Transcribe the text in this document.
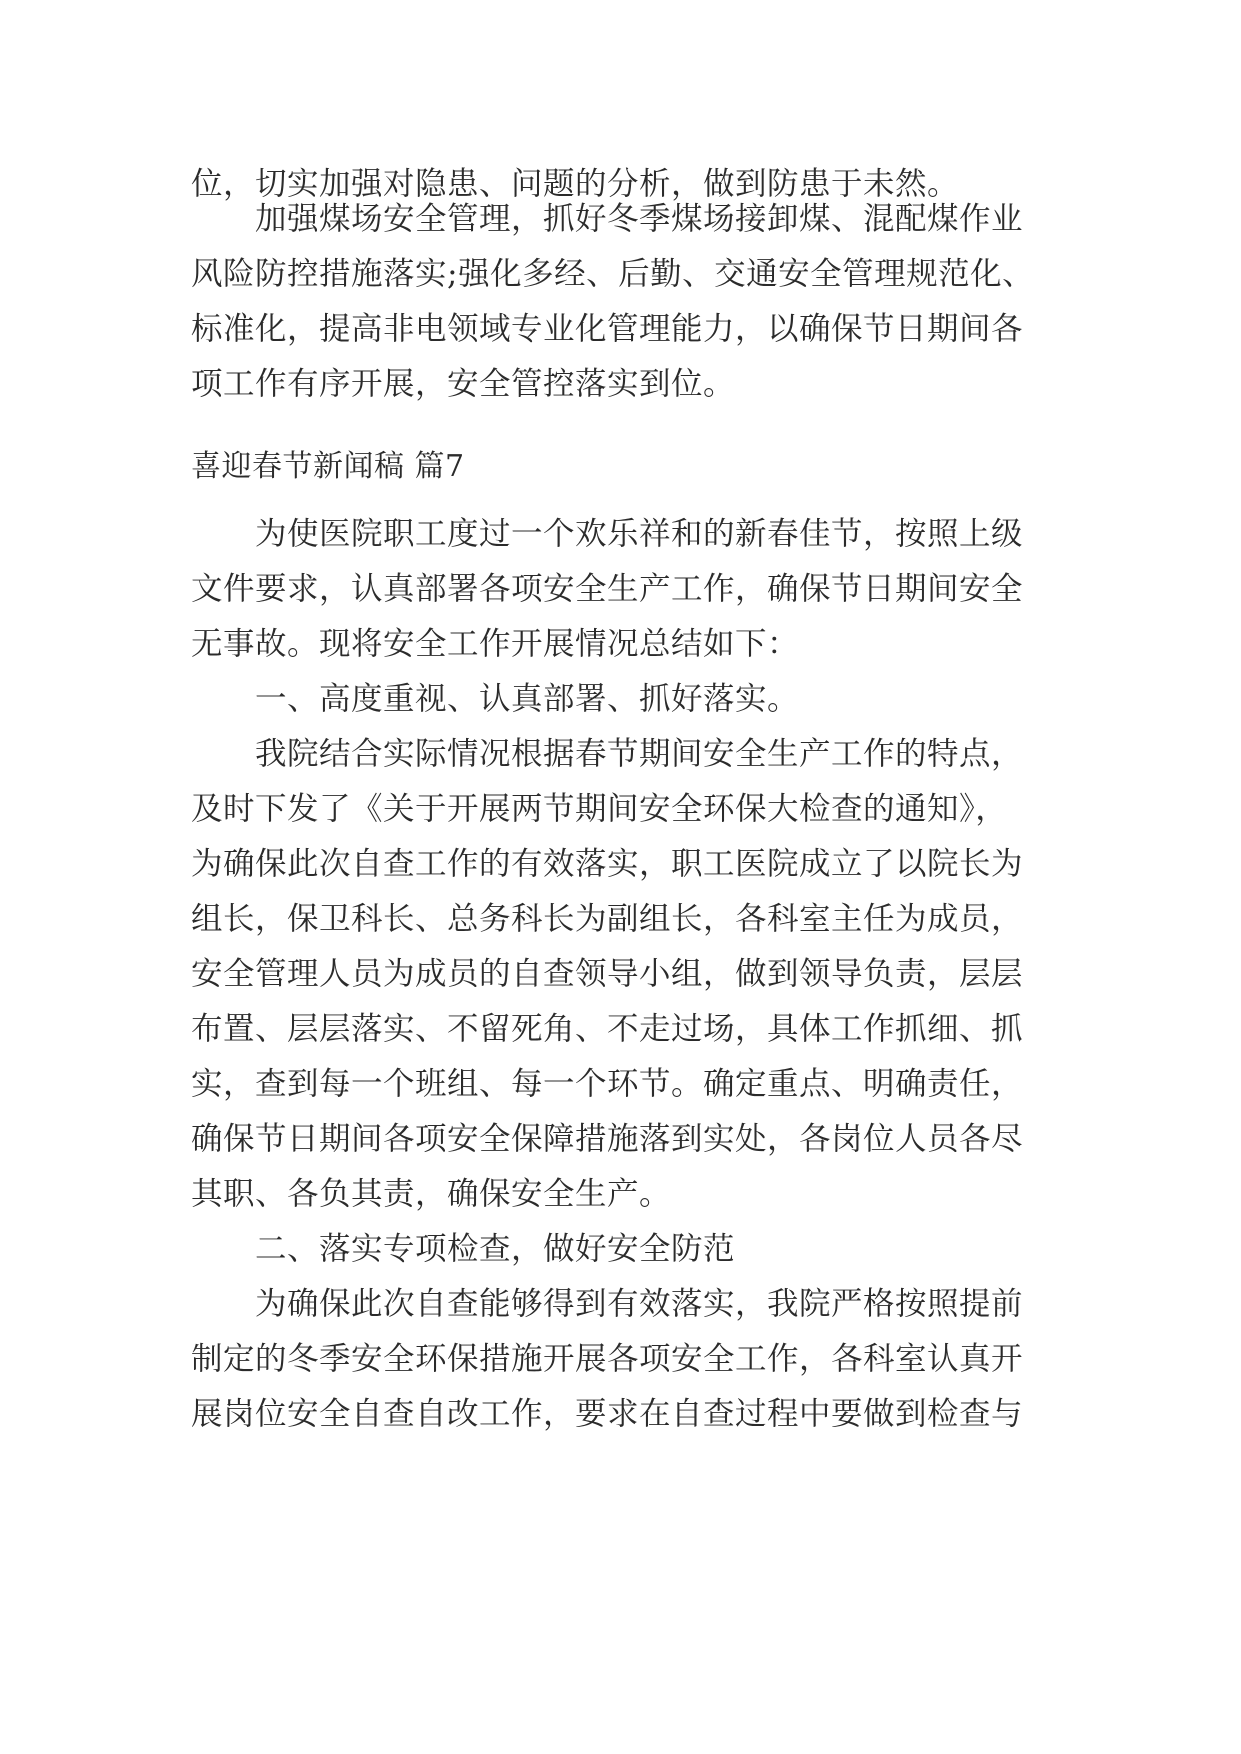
位，切实加强对隐患、问题的分析，做到防患于未然。
加强煤场安全管理，抓好冬季煤场接卸煤、混配煤作业
风险防控措施落实;强化多经、后勤、交通安全管理规范化、
标准化，提高非电领域专业化管理能力，以确保节日期间各
项工作有序开展，安全管控落实到位。
喜迎春节新闻稿 篇7
为使医院职工度过一个欢乐祥和的新春佳节，按照上级
文件要求，认真部署各项安全生产工作，确保节日期间安全
无事故。现将安全工作开展情况总结如下：
一、高度重视、认真部署、抓好落实。
我院结合实际情况根据春节期间安全生产工作的特点，
及时下发了《关于开展两节期间安全环保大检查的通知》，
为确保此次自查工作的有效落实，职工医院成立了以院长为
组长，保卫科长、总务科长为副组长，各科室主任为成员，
安全管理人员为成员的自查领导小组，做到领导负责，层层
布置、层层落实、不留死角、不走过场，具体工作抓细、抓
实，查到每一个班组、每一个环节。确定重点、明确责任，
确保节日期间各项安全保障措施落到实处，各岗位人员各尽
其职、各负其责，确保安全生产。
二、落实专项检查，做好安全防范
为确保此次自查能够得到有效落实，我院严格按照提前
制定的冬季安全环保措施开展各项安全工作，各科室认真开
展岗位安全自查自改工作，要求在自查过程中要做到检查与
